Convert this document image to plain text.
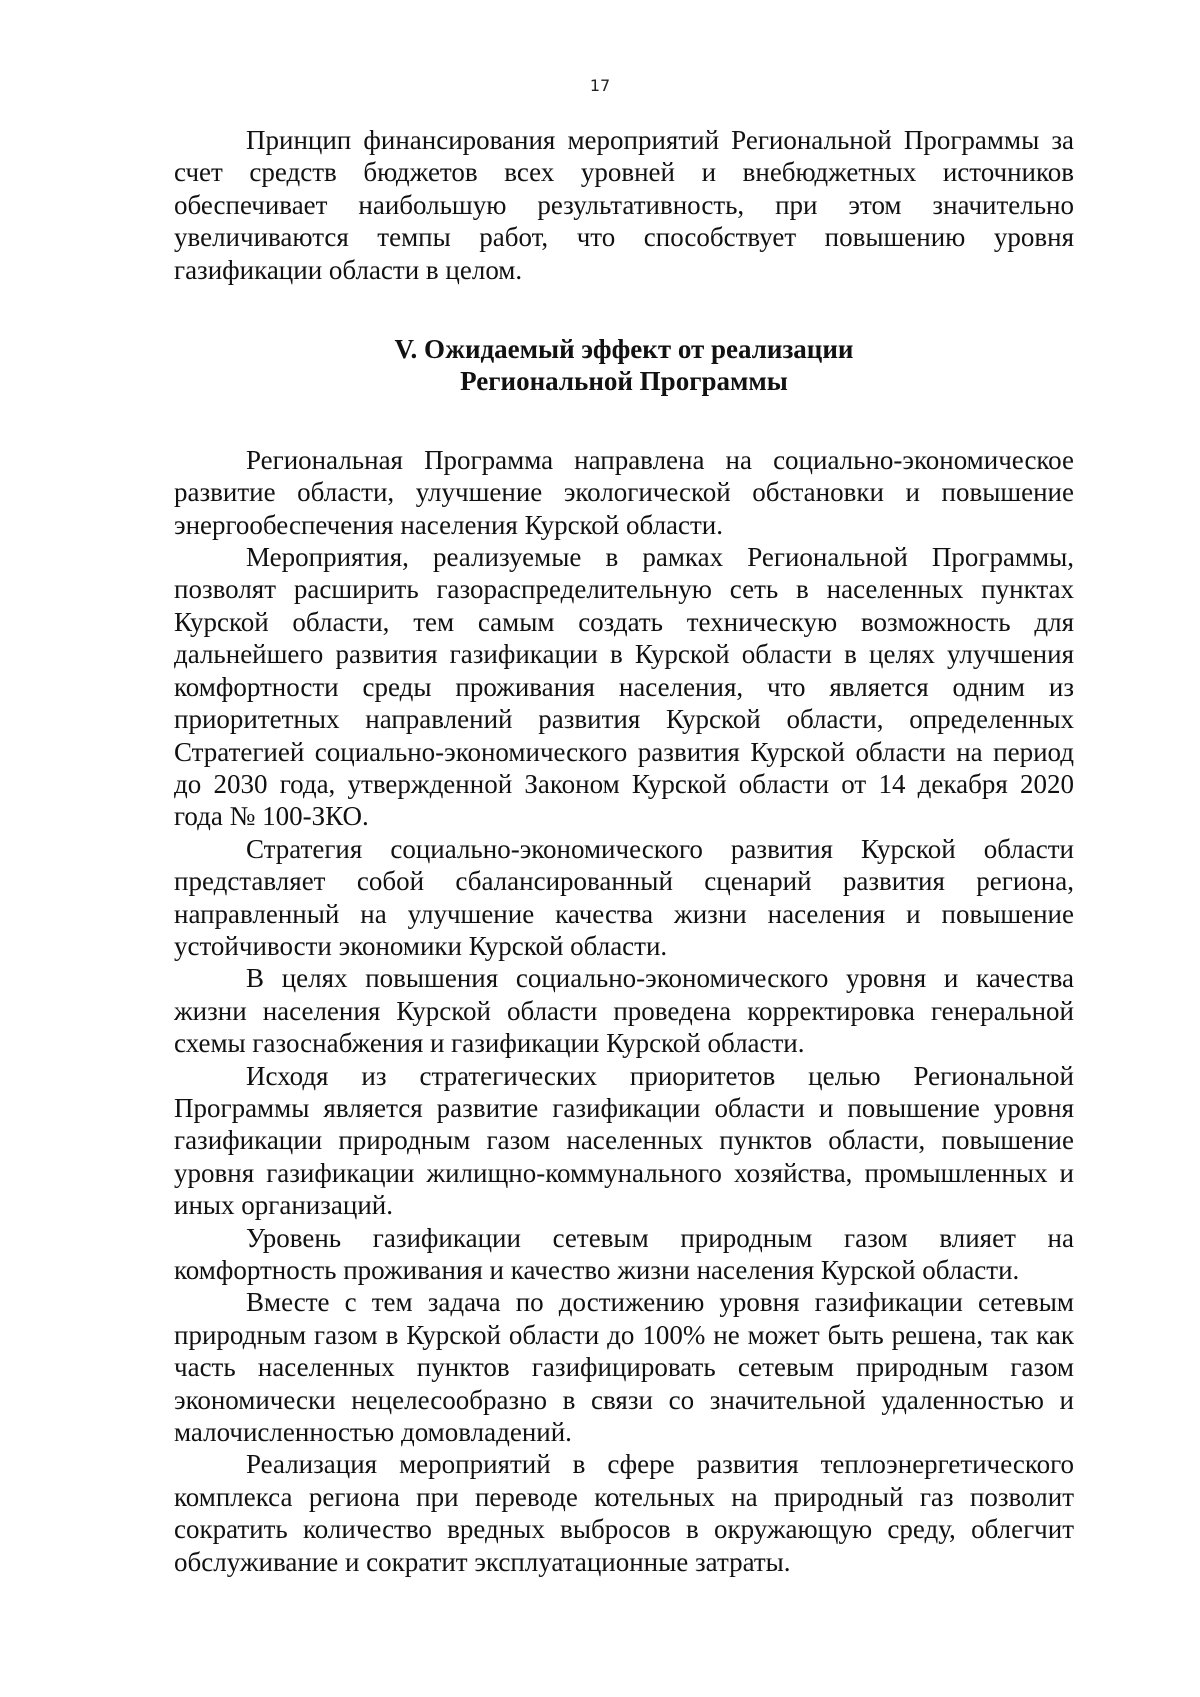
17

Принцип финансирования мероприятий Региональной Программы за счет средств бюджетов всех уровней и внебюджетных источников обеспечивает наибольшую результативность, при этом значительно увеличиваются темпы работ, что способствует повышению уровня газификации области в целом.

V. Ожидаемый эффект от реализации
Региональной Программы

Региональная Программа направлена на социально-экономическое развитие области, улучшение экологической обстановки и повышение энергообеспечения населения Курской области.

Мероприятия, реализуемые в рамках Региональной Программы, позволят расширить газораспределительную сеть в населенных пунктах Курской области, тем самым создать техническую возможность для дальнейшего развития газификации в Курской области в целях улучшения комфортности среды проживания населения, что является одним из приоритетных направлений развития Курской области, определенных Стратегией социально-экономического развития Курской области на период до 2030 года, утвержденной Законом Курской области от 14 декабря 2020 года № 100-ЗКО.

Стратегия социально-экономического развития Курской области представляет собой сбалансированный сценарий развития региона, направленный на улучшение качества жизни населения и повышение устойчивости экономики Курской области.

В целях повышения социально-экономического уровня и качества жизни населения Курской области проведена корректировка генеральной схемы газоснабжения и газификации Курской области.

Исходя из стратегических приоритетов целью Региональной Программы является развитие газификации области и повышение уровня газификации природным газом населенных пунктов области, повышение уровня газификации жилищно-коммунального хозяйства, промышленных и иных организаций.

Уровень газификации сетевым природным газом влияет на комфортность проживания и качество жизни населения Курской области.

Вместе с тем задача по достижению уровня газификации сетевым природным газом в Курской области до 100% не может быть решена, так как часть населенных пунктов газифицировать сетевым природным газом экономически нецелесообразно в связи со значительной удаленностью и малочисленностью домовладений.

Реализация мероприятий в сфере развития теплоэнергетического комплекса региона при переводе котельных на природный газ позволит сократить количество вредных выбросов в окружающую среду, облегчит обслуживание и сократит эксплуатационные затраты.
